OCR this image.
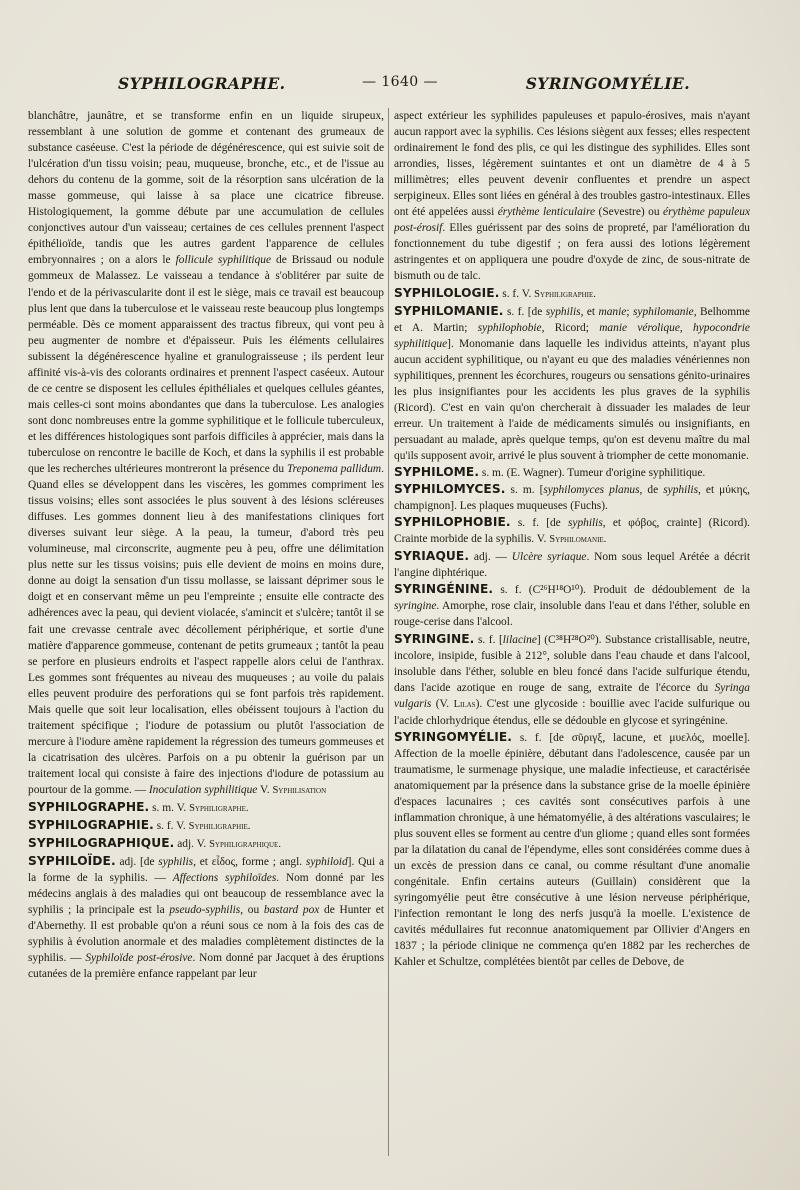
SYPHILOGRAPHE.	— 1640 —	SYRINGOMYÉLIE.

blanchâtre, jaunâtre, et se transforme enfin en un liquide sirupeux, ressemblant à une solution de gomme et contenant des grumeaux de substance caséeuse. C'est la période de dégénérescence, qui est suivie soit de l'ulcération d'un tissu voisin; peau, muqueuse, bronche, etc., et de l'issue au dehors du contenu de la gomme, soit de la résorption sans ulcération de la masse gommeuse, qui laisse à sa place une cicatrice fibreuse. Histologiquement, la gomme débute par une accumulation de cellules conjonctives autour d'un vaisseau; certaines de ces cellules prennent l'aspect épithélioïde, tandis que les autres gardent l'apparence de cellules embryonnaires ; on a alors le follicule syphilitique de Brissaud ou nodule gommeux de Malassez. Le vaisseau a tendance à s'oblitérer par suite de l'endo et de la périvascularite dont il est le siège, mais ce travail est beaucoup plus lent que dans la tuberculose et le vaisseau reste beaucoup plus longtemps perméable. Dès ce moment apparaissent des tractus fibreux, qui vont peu à peu augmenter de nombre et d'épaisseur. Puis les éléments cellulaires subissent la dégénérescence hyaline et granulograisseuse ; ils perdent leur affinité vis-à-vis des colorants ordinaires et prennent l'aspect caséeux. Autour de ce centre se disposent les cellules épithéliales et quelques cellules géantes, mais celles-ci sont moins abondantes que dans la tuberculose. Les analogies sont donc nombreuses entre la gomme syphilitique et le follicule tuberculeux, et les différences histologiques sont parfois difficiles à apprécier, mais dans la tuberculose on rencontre le bacille de Koch, et dans la syphilis il est probable que les recherches ultérieures montreront la présence du Treponema pallidum. Quand elles se développent dans les viscères, les gommes compriment les tissus voisins; elles sont associées le plus souvent à des lésions scléreuses diffuses. Les gommes donnent lieu à des manifestations cliniques fort diverses suivant leur siège. A la peau, la tumeur, d'abord très peu volumineuse, mal circonscrite, augmente peu à peu, offre une délimitation plus nette sur les tissus voisins; puis elle devient de moins en moins dure, donne au doigt la sensation d'un tissu mollasse, se laissant déprimer sous le doigt et en conservant même un peu l'empreinte ; ensuite elle contracte des adhérences avec la peau, qui devient violacée, s'amincit et s'ulcère; tantôt il se fait une crevasse centrale avec décollement périphérique, et sortie d'une matière d'apparence gommeuse, contenant de petits grumeaux ; tantôt la peau se perfore en plusieurs endroits et l'aspect rappelle alors celui de l'anthrax. Les gommes sont fréquentes au niveau des muqueuses ; au voile du palais elles peuvent produire des perforations qui se font parfois très rapidement. Mais quelle que soit leur localisation, elles obéissent toujours à l'action du traitement spécifique ; l'iodure de potassium ou plutôt l'association de mercure à l'iodure amène rapidement la régression des tumeurs gommeuses et la cicatrisation des ulcères. Parfois on a pu obtenir la guérison par un traitement local qui consiste à faire des injections d'iodure de potassium au pourtour de la gomme. — Inoculation syphilitique V. Syphilisation

SYPHILOGRAPHE. s. m. V. Syphiligraphe.

SYPHILOGRAPHIE. s. f. V. Syphiligraphie.

SYPHILOGRAPHIQUE. adj. V. Syphiligraphique.

SYPHILOÏDE. adj. [de syphilis, et εἶδος, forme ; angl. syphiloid]. Qui a la forme de la syphilis. — Affections syphiloïdes. Nom donné par les médecins anglais à des maladies qui ont beaucoup de ressemblance avec la syphilis ; la principale est la pseudo-syphilis, ou bastard pox de Hunter et d'Abernethy. Il est probable qu'on a réuni sous ce nom à la fois des cas de syphilis à évolution anormale et des maladies complètement distinctes de la syphilis. — Syphiloïde post-érosive. Nom donné par Jacquet à des éruptions cutanées de la première enfance rappelant par leur

aspect extérieur les syphilides papuleuses et papulo-érosives, mais n'ayant aucun rapport avec la syphilis. Ces lésions siègent aux fesses; elles respectent ordinairement le fond des plis, ce qui les distingue des syphilides. Elles sont arrondies, lisses, légèrement suintantes et ont un diamètre de 4 à 5 millimètres; elles peuvent devenir confluentes et prendre un aspect serpigineux. Elles sont liées en général à des troubles gastro-intestinaux. Elles ont été appelées aussi érythème lenticulaire (Sevestre) ou érythème papuleux post-érosif. Elles guérissent par des soins de propreté, par l'amélioration du fonctionnement du tube digestif ; on fera aussi des lotions légèrement astringentes et on appliquera une poudre d'oxyde de zinc, de sous-nitrate de bismuth ou de talc.

SYPHILOLOGIE. s. f. V. Syphiligraphie.

SYPHILOMANIE. s. f. [de syphilis, et manie; syphilomanie, Belhomme et A. Martin; syphilophobie, Ricord; manie vérolique, hypocondrie syphilitique]. Monomanie dans laquelle les individus atteints, n'ayant plus aucun accident syphilitique, ou n'ayant eu que des maladies vénériennes non syphilitiques, prennent les écorchures, rougeurs ou sensations génito-urinaires les plus insignifiantes pour les accidents les plus graves de la syphilis (Ricord). C'est en vain qu'on chercherait à dissuader les malades de leur erreur. Un traitement à l'aide de médicaments simulés ou insignifiants, en persuadant au malade, après quelque temps, qu'on est devenu maître du mal qu'ils supposent avoir, arrivé le plus souvent à triompher de cette monomanie.

SYPHILOME. s. m. (E. Wagner). Tumeur d'origine syphilitique.

SYPHILOMYCES. s. m. [syphilomyces planus, de syphilis, et μύκης, champignon]. Les plaques muqueuses (Fuchs).

SYPHILOPHOBIE. s. f. [de syphilis, et φόβος, crainte] (Ricord). Crainte morbide de la syphilis. V. Syphilomanie.

SYRIAQUE. adj. — Ulcère syriaque. Nom sous lequel Arétée a décrit l'angine diphtérique.

SYRINGÉNINE. s. f. (C²⁶H¹⁸O¹⁰). Produit de dédoublement de la syringine. Amorphe, rose clair, insoluble dans l'eau et dans l'éther, soluble en rouge-cerise dans l'alcool.

SYRINGINE. s. f. [lilacine] (C³⁸H²⁸O²⁰). Substance cristallisable, neutre, incolore, insipide, fusible à 212°, soluble dans l'eau chaude et dans l'alcool, insoluble dans l'éther, soluble en bleu foncé dans l'acide sulfurique étendu, dans l'acide azotique en rouge de sang, extraite de l'écorce du Syringa vulgaris (V. Lilas). C'est une glycoside : bouillie avec l'acide sulfurique ou l'acide chlorhydrique étendus, elle se dédouble en glycose et syringénine.

SYRINGOMYÉLIE. s. f. [de σῦριγξ, lacune, et μυελός, moelle]. Affection de la moelle épinière, débutant dans l'adolescence, causée par un traumatisme, le surmenage physique, une maladie infectieuse, et caractérisée anatomiquement par la présence dans la substance grise de la moelle épinière d'espaces lacunaires ; ces cavités sont consécutives parfois à une inflammation chronique, à une hématomyélie, à des altérations vasculaires; le plus souvent elles se forment au centre d'un gliome ; quand elles sont formées par la dilatation du canal de l'épendyme, elles sont considérées comme dues à un excès de pression dans ce canal, ou comme résultant d'une anomalie congénitale. Enfin certains auteurs (Guillain) considèrent que la syringomyélie peut être consécutive à une lésion nerveuse périphérique, l'infection remontant le long des nerfs jusqu'à la moelle. L'existence de cavités médullaires fut reconnue anatomiquement par Ollivier d'Angers en 1837 ; la période clinique ne commença qu'en 1882 par les recherches de Kahler et Schultze, complétées bientôt par celles de Debove, de
